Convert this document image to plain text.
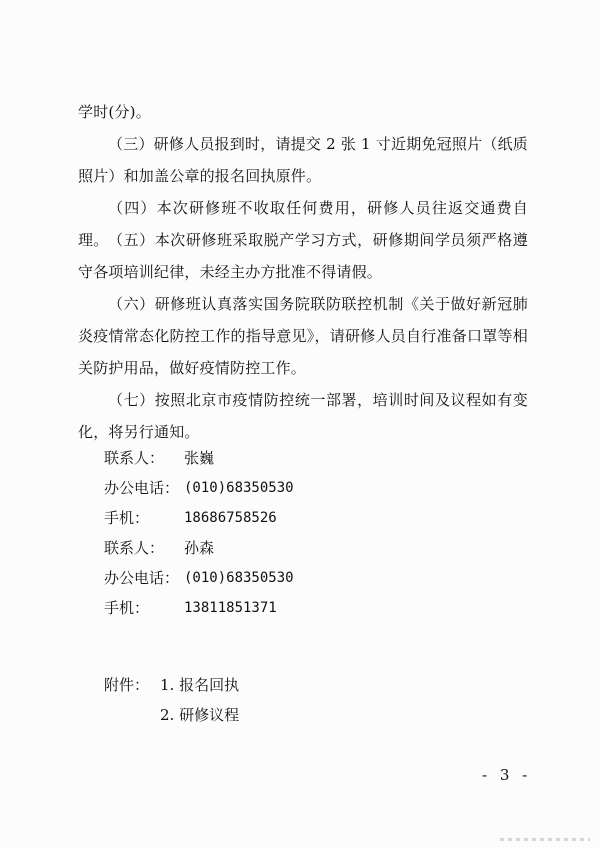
学时(分)。

（三）研修人员报到时，请提交 2 张 1 寸近期免冠照片（纸质照片）和加盖公章的报名回执原件。

（四）本次研修班不收取任何费用，研修人员往返交通费自理。 （五）本次研修班采取脱产学习方式，研修期间学员须严格遵守各项培训纪律，未经主办方批准不得请假。

（六）研修班认真落实国务院联防联控机制《关于做好新冠肺炎疫情常态化防控工作的指导意见》，请研修人员自行准备口罩等相关防护用品，做好疫情防控工作。

（七）按照北京市疫情防控统一部署，培训时间及议程如有变化，将另行通知。

联系人：	张巍
办公电话： (010)68350530
手机：	18686758526
联系人：	孙森
办公电话： (010)68350530
手机：	13811851371
附件： 1. 报名回执
2. 研修议程
- 3 -
